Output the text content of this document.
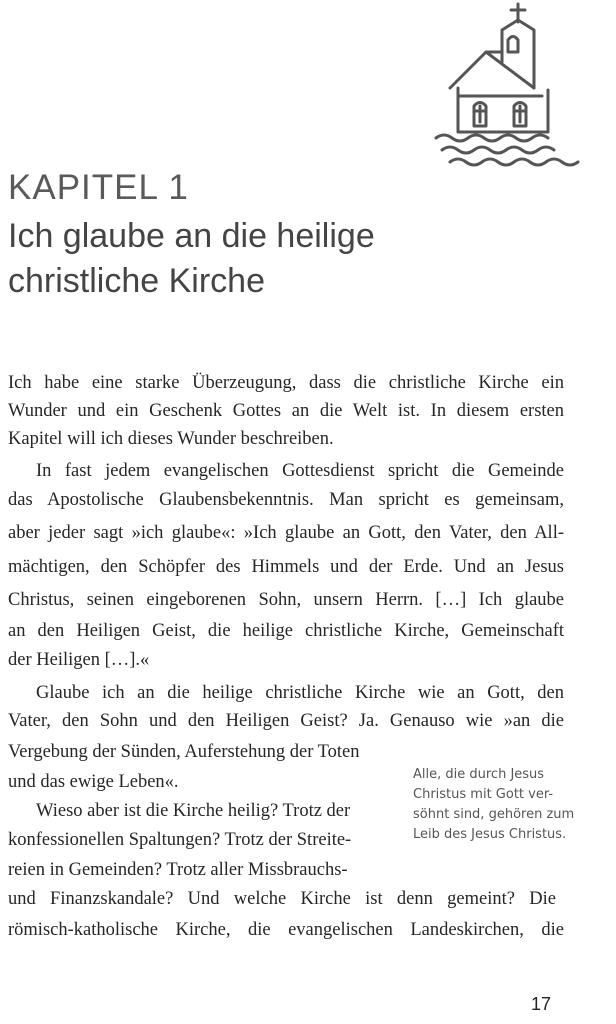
KAPITEL 1
Ich glaube an die heilige
christliche Kirche
Ich habe eine starke Überzeugung, dass die christliche Kirche ein
Wunder und ein Geschenk Gottes an die Welt ist. In diesem ersten
Kapitel will ich dieses Wunder beschreiben.
In fast jedem evangelischen Gottesdienst spricht die Gemeinde
das Apostolische Glaubensbekenntnis. Man spricht es gemeinsam,
aber jeder sagt »ich glaube«: »Ich glaube an Gott, den Vater, den All-
mächtigen, den Schöpfer des Himmels und der Erde. Und an Jesus
Christus, seinen eingeborenen Sohn, unsern Herrn. […] Ich glaube
an den Heiligen Geist, die heilige christliche Kirche, Gemeinschaft
der Heiligen […].«
Glaube ich an die heilige christliche Kirche wie an Gott, den
Vater, den Sohn und den Heiligen Geist? Ja. Genauso wie »an die
Vergebung der Sünden, Auferstehung der Toten
und das ewige Leben«.
Wieso aber ist die Kirche heilig? Trotz der
konfessionellen Spaltungen? Trotz der Streite-
reien in Gemeinden? Trotz aller Missbrauchs-
und Finanzskandale? Und welche Kirche ist denn gemeint? Die
römisch-katholische Kirche, die evangelischen Landeskirchen, die
Alle, die durch Jesus
Christus mit Gott ver-
söhnt sind, gehören zum
Leib des Jesus Christus.
17
